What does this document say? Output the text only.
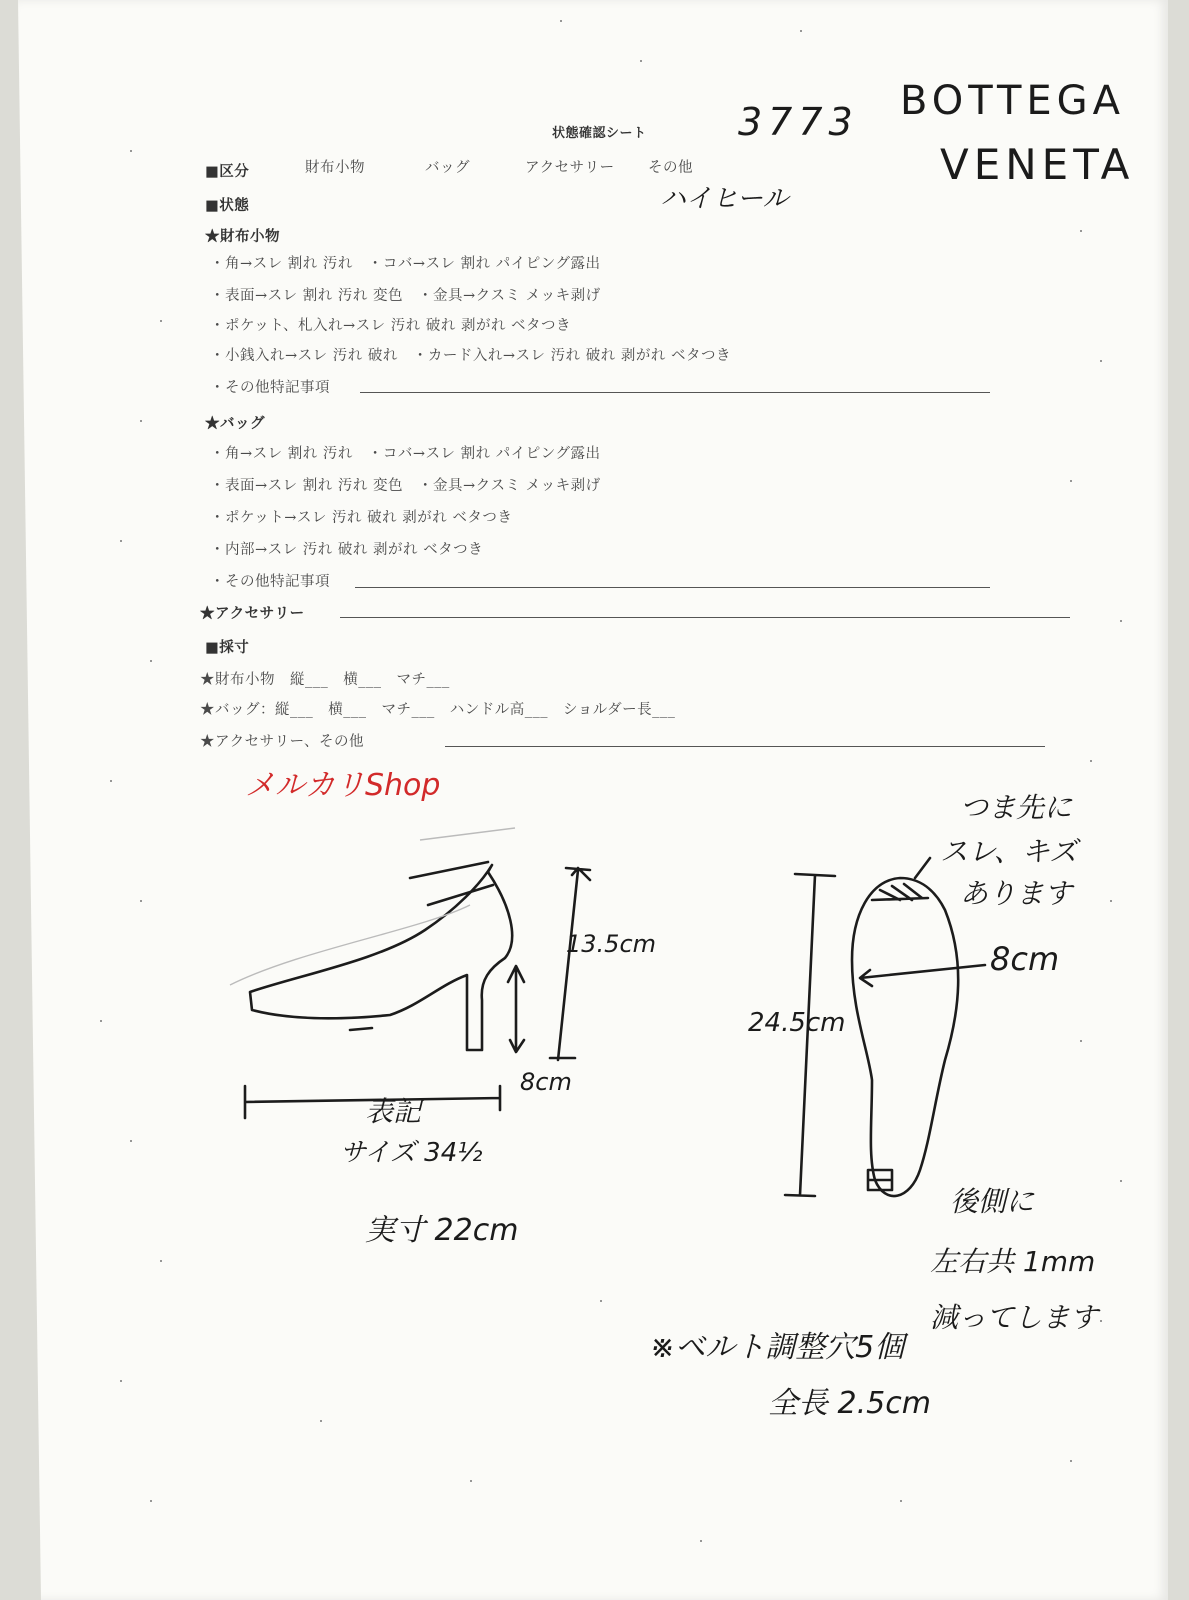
状態確認シート 3773 BOTTEGA
VENETA
■区分	財布小物	バッグ	アクセサリー その他
ハイヒール
■状態
★財布小物
・角→スレ 割れ 汚れ　・コバ→スレ 割れ パイピング露出
・表面→スレ 割れ 汚れ 変色　・金具→クスミ メッキ剥げ
・ポケット、札入れ→スレ 汚れ 破れ 剥がれ ベタつき
・小銭入れ→スレ 汚れ 破れ　・カード入れ→スレ 汚れ 破れ 剥がれ ベタつき
・その他特記事項
★バッグ
・角→スレ 割れ 汚れ　・コバ→スレ 割れ パイピング露出
・表面→スレ 割れ 汚れ 変色　・金具→クスミ メッキ剥げ
・ポケット→スレ 汚れ 破れ 剥がれ ベタつき
・内部→スレ 汚れ 破れ 剥がれ ベタつき
・その他特記事項
★アクセサリー
■採寸
★財布小物　縦___　横___　マチ___
★バッグ：縦___　横___　マチ___　ハンドル高___　ショルダー長___
★アクセサリー、その他
メルカリShop
13.5cm
8cm
表記
サイズ 34½
実寸 22cm
24.5cm
8cm
つま先に
スレ、キズ
あります
後側に
左右共 1mm
減ってします
※ベルト調整穴5個
全長 2.5cm
